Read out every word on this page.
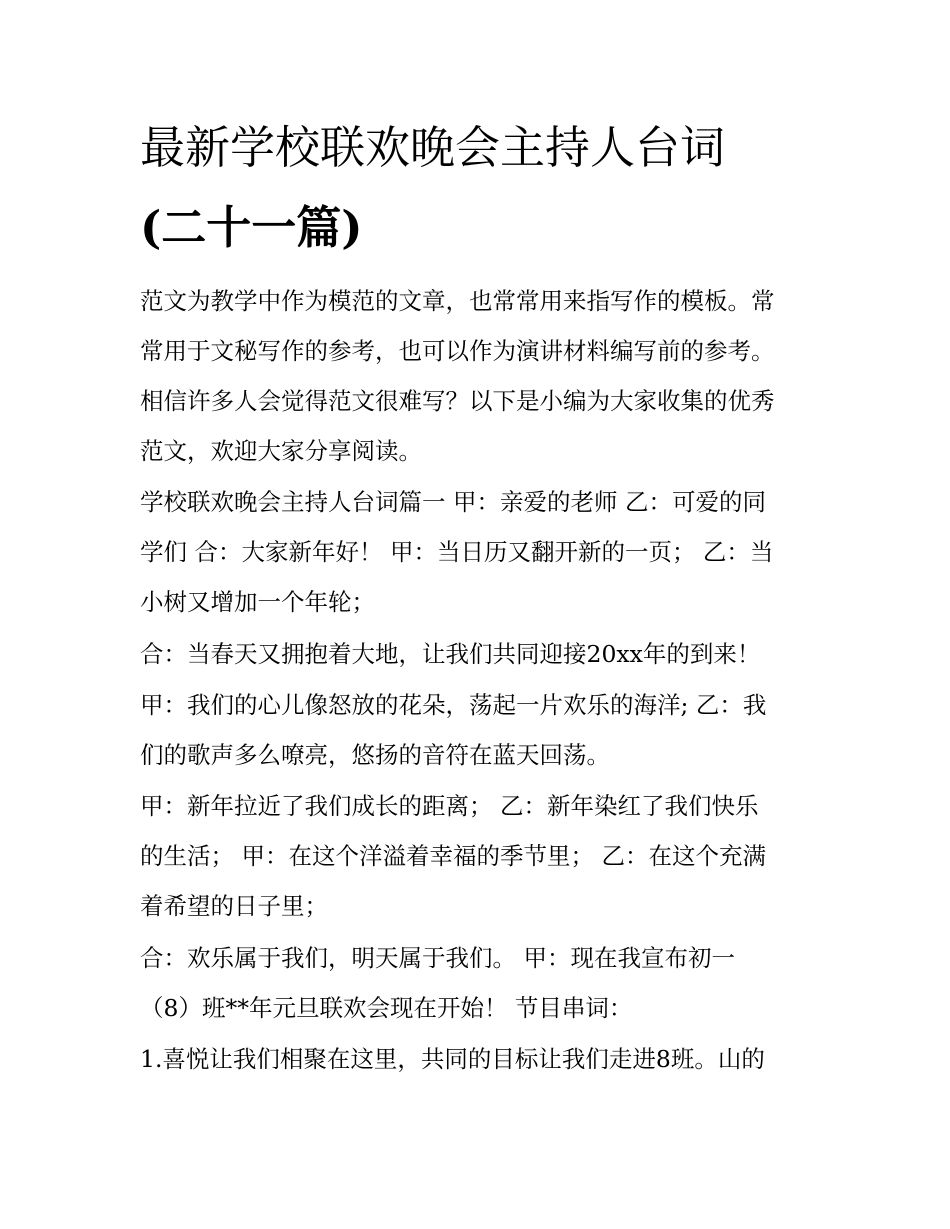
最新学校联欢晚会主持人台词
(二十一篇)

范文为教学中作为模范的文章，也常常用来指写作的模板。常

常用于文秘写作的参考，也可以作为演讲材料编写前的参考。

相信许多人会觉得范文很难写？以下是小编为大家收集的优秀

范文，欢迎大家分享阅读。

学校联欢晚会主持人台词篇一 甲：亲爱的老师 乙：可爱的同

学们 合：大家新年好！ 甲：当日历又翻开新的一页； 乙：当

小树又增加一个年轮；

合：当春天又拥抱着大地，让我们共同迎接20xx年的到来！

甲：我们的心儿像怒放的花朵，荡起一片欢乐的海洋; 乙：我

们的歌声多么嘹亮，悠扬的音符在蓝天回荡。

甲：新年拉近了我们成长的距离； 乙：新年染红了我们快乐

的生活； 甲：在这个洋溢着幸福的季节里； 乙：在这个充满

着希望的日子里；

合：欢乐属于我们，明天属于我们。 甲：现在我宣布初一

（8）班**年元旦联欢会现在开始！ 节目串词：

1.喜悦让我们相聚在这里，共同的目标让我们走进8班。山的
